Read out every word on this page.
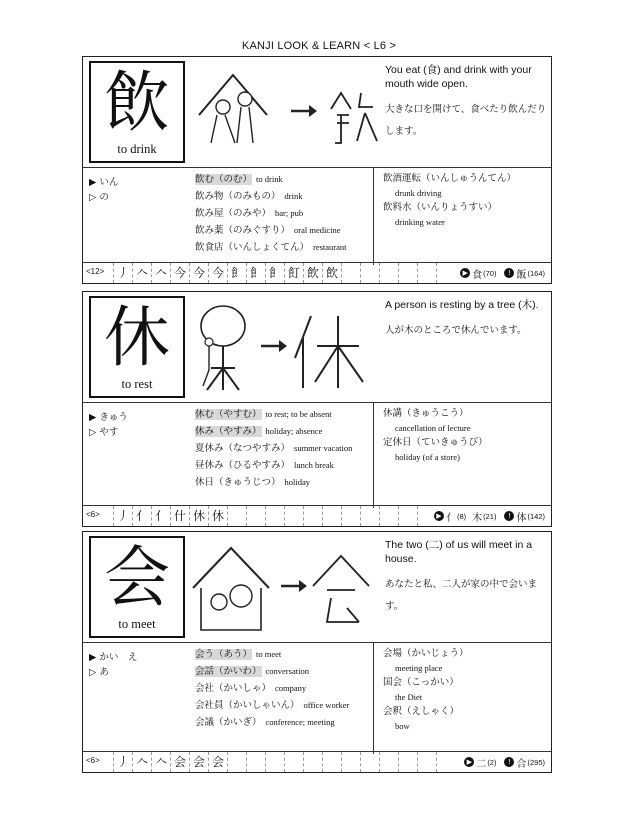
KANJI LOOK & LEARN < L6 >
飲
to drink

You eat (食) and drink with your mouth wide open.

大きな口を開けて、食べたり飲んだりします。

▶ いん
▷ の
飲む（のむ） to drink
飲み物（のみもの） drink
飲み屋（のみや） bar; pub
飲み薬（のみぐすり） oral medicine
飲食店（いんしょくてん） restaurant
飲酒運転（いんしゅうんてん）
drunk driving
飲料水（いんりょうすい）
drinking water
<12>	丿 𠆢 𠆢 今 今 今 飠 飠 飠 飣 飲 飲	▶ 食 (70)	! 飯 (164)
休
to rest

A person is resting by a tree (木).

人が木のところで休んでいます。

▶ きゅう
▷ やす
休む（やすむ） to rest; to be absent
休み（やすみ） holiday; absence
夏休み（なつやすみ） summer vacation
昼休み（ひるやすみ） lunch break
休日（きゅうじつ） holiday
休講（きゅうこう）
cancellation of lecture
定休日（ていきゅうび）
holiday (of a store)
<6>	丿 亻 亻 什 休 休	▶ 亻 (8) 木 (21)	! 体 (142)
会
to meet

The two (二) of us will meet in a house.

あなたと私、二人が家の中で会います。

▶ かい　え
▷ あ
会う（あう） to meet
会話（かいわ） conversation
会社（かいしゃ） company
会社員（かいしゃいん） office worker
会議（かいぎ） conference; meeting
会場（かいじょう）
meeting place
国会（こっかい）
the Diet
会釈（えしゃく）
bow
<6>	丿 𠆢 𠆢 会 会 会	▶ 二 (2)	! 合 (295)
